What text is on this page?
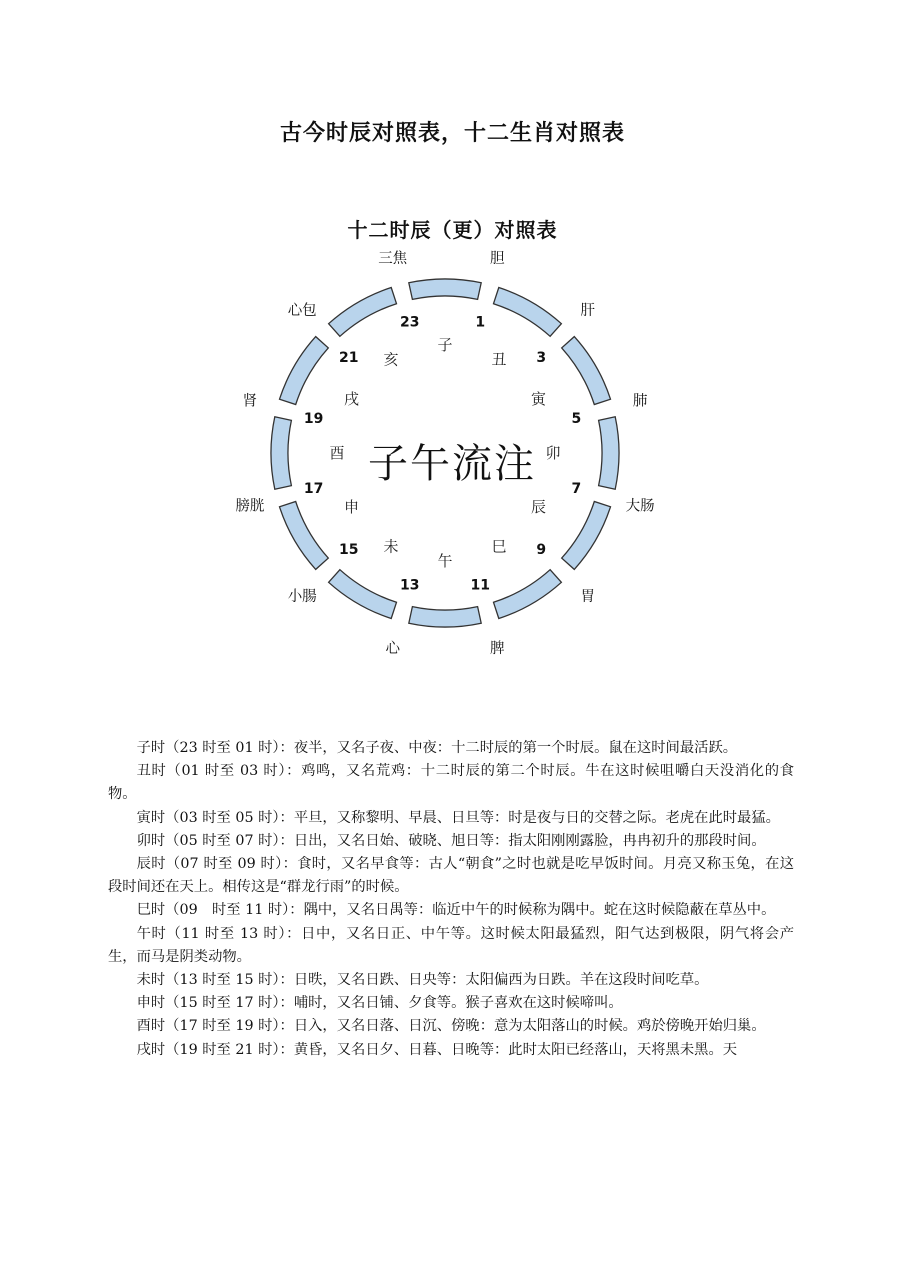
古今时辰对照表，十二生肖对照表
十二时辰（更）对照表
子
胆
23
丑
肝
1
寅	肺
3
卯
大肠
5
辰
胃
7
巳
脾
9
午
心
11
未
小腸
13
申
膀胱
15
酉
肾
17
戌
心包
19
亥
三焦
21
子午流注

子时（23 时至 01 时）：夜半，又名子夜、中夜：十二时辰的第一个时辰。鼠在这时间最活跃。

丑时（01 时至 03 时）：鸡鸣，又名荒鸡：十二时辰的第二个时辰。牛在这时候咀嚼白天没消化的食物。

寅时（03 时至 05 时）：平旦，又称黎明、早晨、日旦等：时是夜与日的交替之际。老虎在此时最猛。

卯时（05 时至 07 时）：日出，又名日始、破晓、旭日等：指太阳刚刚露脸，冉冉初升的那段时间。

辰时（07 时至 09 时）：食时，又名早食等：古人“朝食”之时也就是吃早饭时间。月亮又称玉兔，在这段时间还在天上。相传这是“群龙行雨”的时候。

巳时（09　时至 11 时）：隅中，又名日禺等：临近中午的时候称为隅中。蛇在这时候隐蔽在草丛中。

午时（11 时至 13 时）：日中，又名日正、中午等。这时候太阳最猛烈，阳气达到极限，阴气将会产生，而马是阴类动物。

未时（13 时至 15 时）：日昳，又名日跌、日央等：太阳偏西为日跌。羊在这段时间吃草。

申时（15 时至 17 时）：哺时，又名日铺、夕食等。猴子喜欢在这时候啼叫。

酉时（17 时至 19 时）：日入，又名日落、日沉、傍晚：意为太阳落山的时候。鸡於傍晚开始归巢。

戌时（19 时至 21 时）：黄昏，又名日夕、日暮、日晚等：此时太阳已经落山，天将黑未黑。天
